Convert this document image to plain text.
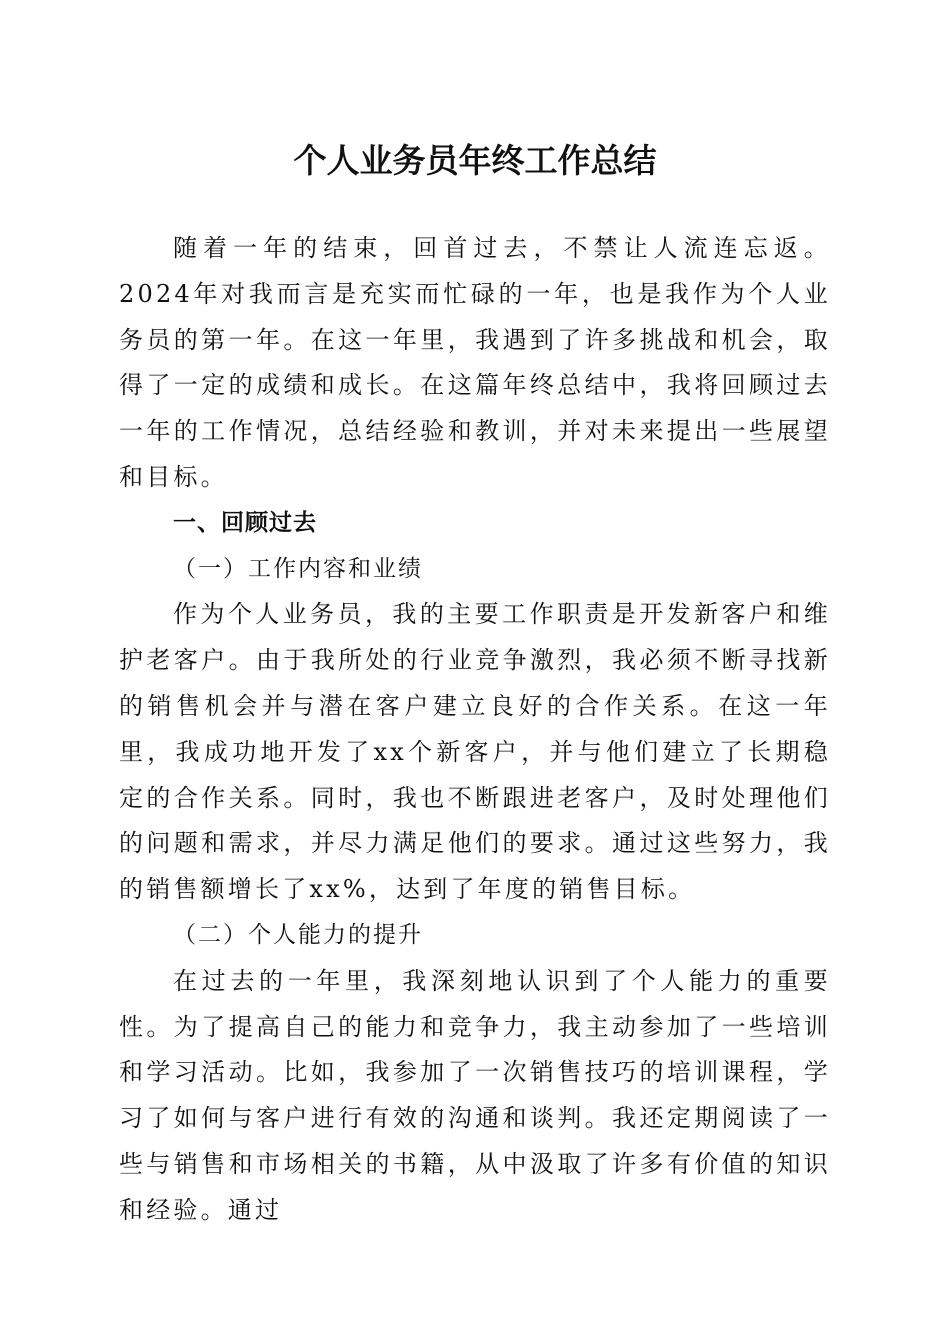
个人业务员年终工作总结

随着一年的结束，回首过去，不禁让人流连忘返。2024年对我而言是充实而忙碌的一年，也是我作为个人业务员的第一年。在这一年里，我遇到了许多挑战和机会，取得了一定的成绩和成长。在这篇年终总结中，我将回顾过去一年的工作情况，总结经验和教训，并对未来提出一些展望和目标。

一、回顾过去

（一）工作内容和业绩

作为个人业务员，我的主要工作职责是开发新客户和维护老客户。由于我所处的行业竞争激烈，我必须不断寻找新的销售机会并与潜在客户建立良好的合作关系。在这一年里，我成功地开发了xx个新客户，并与他们建立了长期稳定的合作关系。同时，我也不断跟进老客户，及时处理他们的问题和需求，并尽力满足他们的要求。通过这些努力，我的销售额增长了xx%，达到了年度的销售目标。

（二）个人能力的提升

在过去的一年里，我深刻地认识到了个人能力的重要性。为了提高自己的能力和竞争力，我主动参加了一些培训和学习活动。比如，我参加了一次销售技巧的培训课程，学习了如何与客户进行有效的沟通和谈判。我还定期阅读了一些与销售和市场相关的书籍，从中汲取了许多有价值的知识和经验。通过
